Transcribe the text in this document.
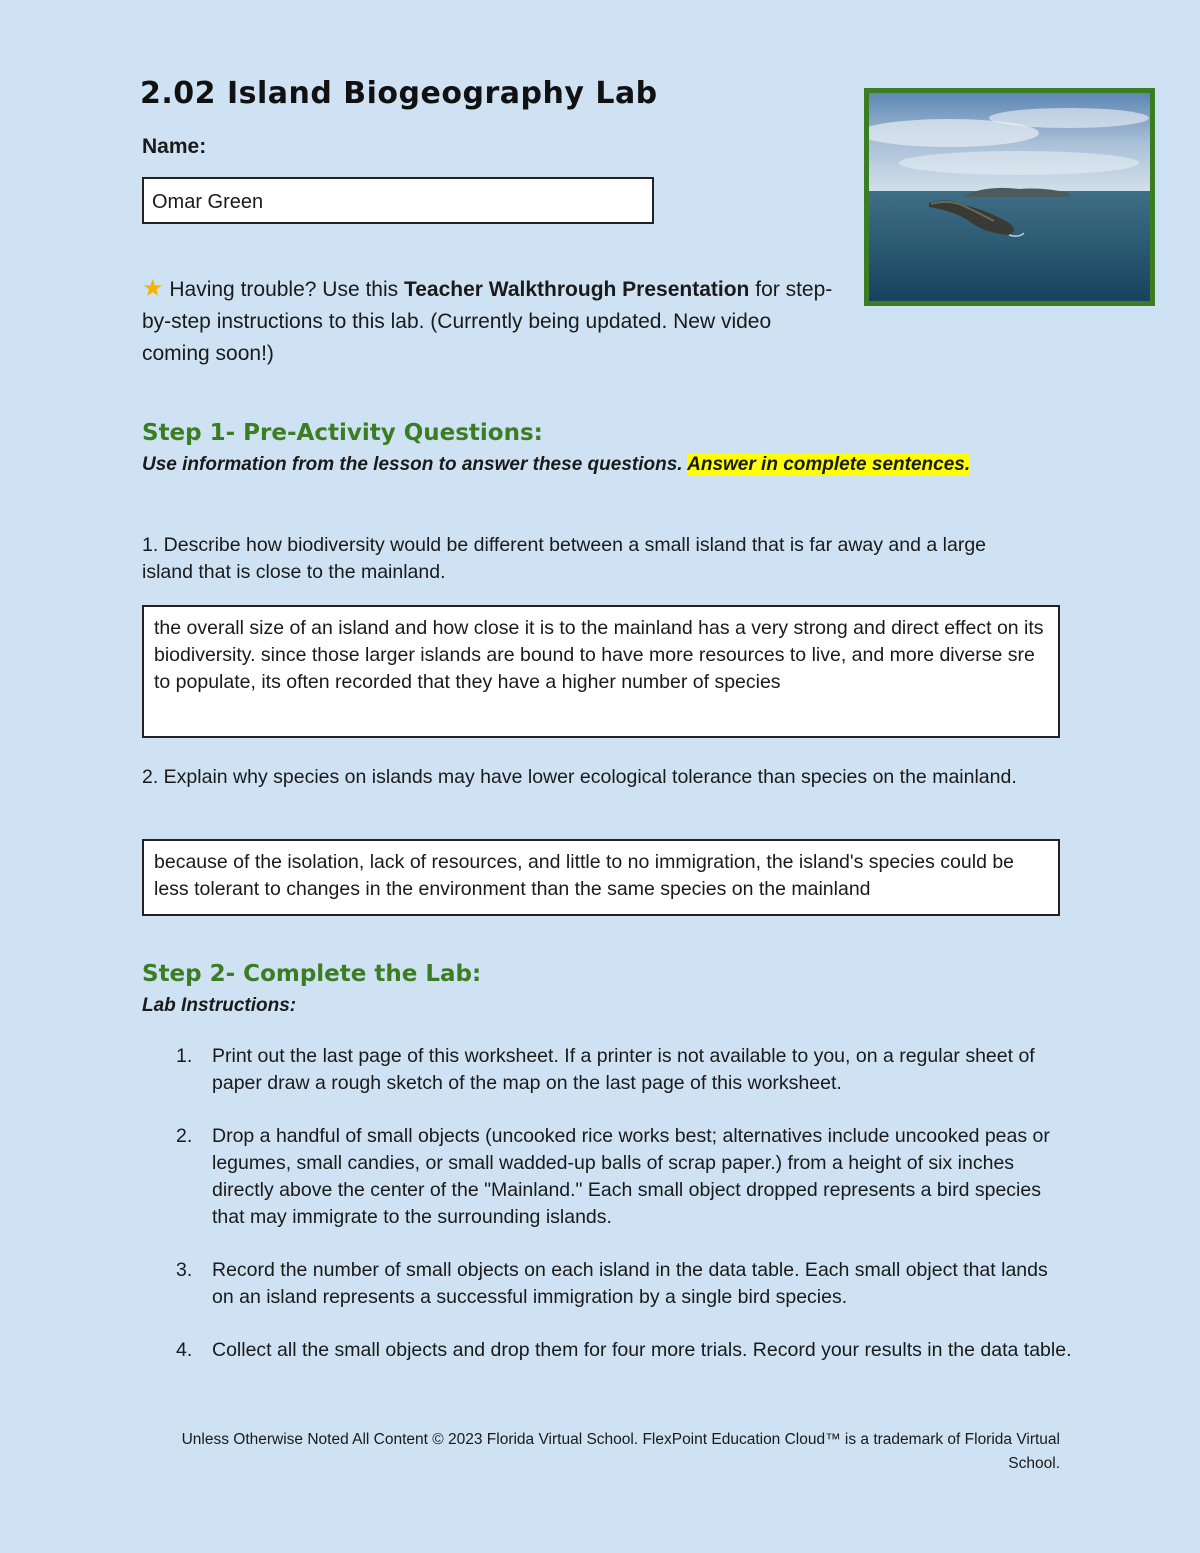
2.02 Island Biogeography Lab
Name:
Omar Green
★ Having trouble? Use this Teacher Walkthrough Presentation for step-by-step instructions to this lab. (Currently being updated. New video coming soon!)
Step 1- Pre-Activity Questions:
Use information from the lesson to answer these questions. Answer in complete sentences.
1. Describe how biodiversity would be different between a small island that is far away and a large island that is close to the mainland.
the overall size of an island and how close it is to the mainland has a very strong and direct effect on its biodiversity. since those larger islands are bound to have more resources to live, and more diverse sre to populate, its often recorded that they have a higher number of species
2. Explain why species on islands may have lower ecological tolerance than species on the mainland.
because of the isolation, lack of resources, and little to no immigration, the island's species could be less tolerant to changes in the environment than the same species on the mainland
Step 2- Complete the Lab:
Lab Instructions:
1. Print out the last page of this worksheet. If a printer is not available to you, on a regular sheet of paper draw a rough sketch of the map on the last page of this worksheet.
2. Drop a handful of small objects (uncooked rice works best; alternatives include uncooked peas or legumes, small candies, or small wadded-up balls of scrap paper.) from a height of six inches directly above the center of the "Mainland." Each small object dropped represents a bird species that may immigrate to the surrounding islands.
3. Record the number of small objects on each island in the data table. Each small object that lands on an island represents a successful immigration by a single bird species.
4. Collect all the small objects and drop them for four more trials. Record your results in the data table.
Unless Otherwise Noted All Content © 2023 Florida Virtual School. FlexPoint Education Cloud™ is a trademark of Florida Virtual School.
